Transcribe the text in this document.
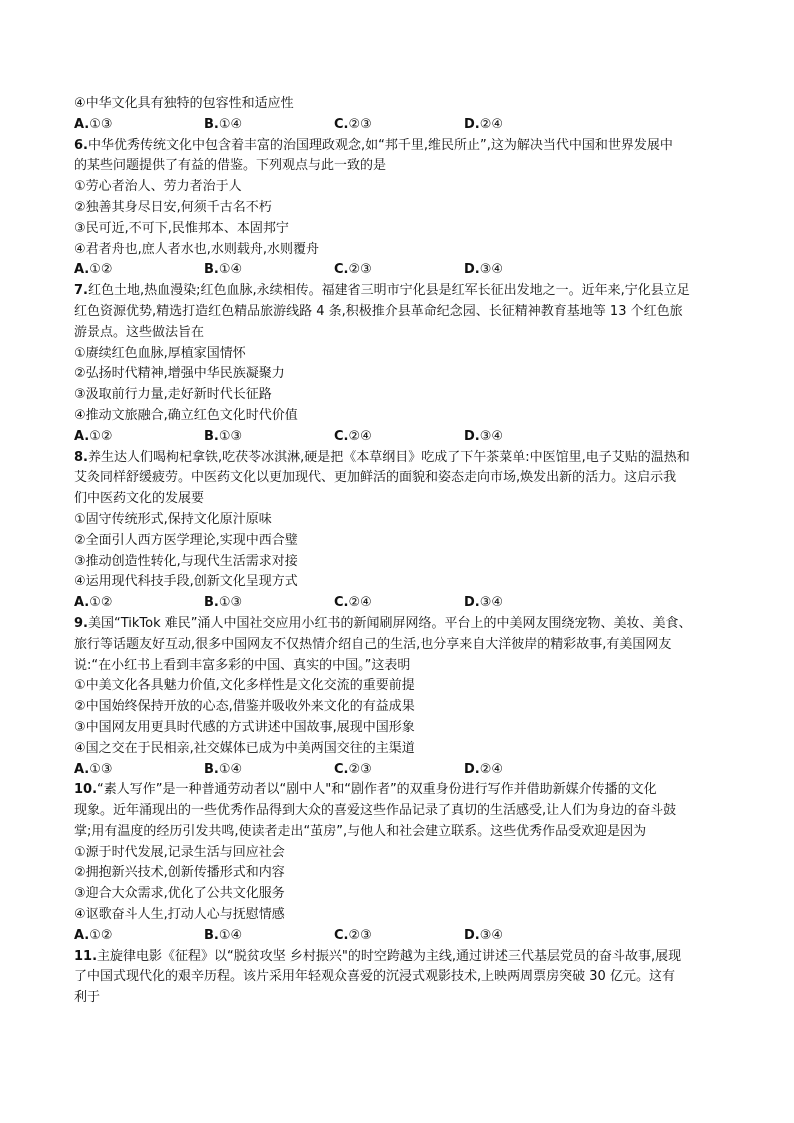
④中华文化具有独特的包容性和适应性
A.①③	B.①④	C.②③	D.②④
6.中华优秀传统文化中包含着丰富的治国理政观念,如“邦千里,维民所止”,这为解决当代中国和世界发展中
的某些问题提供了有益的借鉴。下列观点与此一致的是
①劳心者治人、劳力者治于人
②独善其身尽日安,何须千古名不朽
③民可近,不可下,民惟邦本、本固邦宁
④君者舟也,庶人者水也,水则载舟,水则覆舟
A.①②	B.①④	C.②③	D.③④
7.红色土地,热血漫染;红色血脉,永续相传。福建省三明市宁化县是红军长征出发地之一。近年来,宁化县立足
红色资源优势,精选打造红色精品旅游线路 4 条,积极推介县革命纪念园、长征精神教育基地等 13 个红色旅
游景点。这些做法旨在
①赓续红色血脉,厚植家国情怀
②弘扬时代精神,增强中华民族凝聚力
③汲取前行力量,走好新时代长征路
④推动文旅融合,确立红色文化时代价值
A.①②	B.①③	C.②④	D.③④
8.养生达人们喝枸杞拿铁,吃茯苓冰淇淋,硬是把《本草纲目》吃成了下午茶菜单:中医馆里,电子艾贴的温热和
艾灸同样舒缓疲劳。中医药文化以更加现代、更加鲜活的面貌和姿态走向市场,焕发出新的活力。这启示我
们中医药文化的发展要
①固守传统形式,保持文化原汁原味
②全面引人西方医学理论,实现中西合璧
③推动创造性转化,与现代生活需求对接
④运用现代科技手段,创新文化呈现方式
A.①②	B.①③	C.②④	D.③④
9.美国“TikTok 难民”涌人中国社交应用小红书的新闻刷屏网络。平台上的中美网友围绕宠物、美妆、美食、
旅行等话题友好互动,很多中国网友不仅热情介绍自己的生活,也分享来自大洋彼岸的精彩故事,有美国网友
说:“在小红书上看到丰富多彩的中国、真实的中国。”这表明
①中美文化各具魅力价值,文化多样性是文化交流的重要前提
②中国始终保持开放的心态,借鉴并吸收外来文化的有益成果
③中国网友用更具时代感的方式讲述中国故事,展现中国形象
④国之交在于民相亲,社交媒体已成为中美两国交往的主渠道
A.①③	B.①④	C.②③	D.②④
10.“素人写作”是一种普通劳动者以“剧中人"和“剧作者”的双重身份进行写作并借助新媒介传播的文化
现象。近年涌现出的一些优秀作品得到大众的喜爱这些作品记录了真切的生活感受,让人们为身边的奋斗鼓
掌;用有温度的经历引发共鸣,使读者走出“茧房”,与他人和社会建立联系。这些优秀作品受欢迎是因为
①源于时代发展,记录生活与回应社会
②拥抱新兴技术,创新传播形式和内容
③迎合大众需求,优化了公共文化服务
④讴歌奋斗人生,打动人心与抚慰情感
A.①②	B.①④	C.②③	D.③④
11.主旋律电影《征程》以“脱贫攻坚 乡村振兴"的时空跨越为主线,通过讲述三代基层党员的奋斗故事,展现
了中国式现代化的艰辛历程。该片采用年轻观众喜爱的沉浸式观影技术,上映两周票房突破 30 亿元。这有
利于
